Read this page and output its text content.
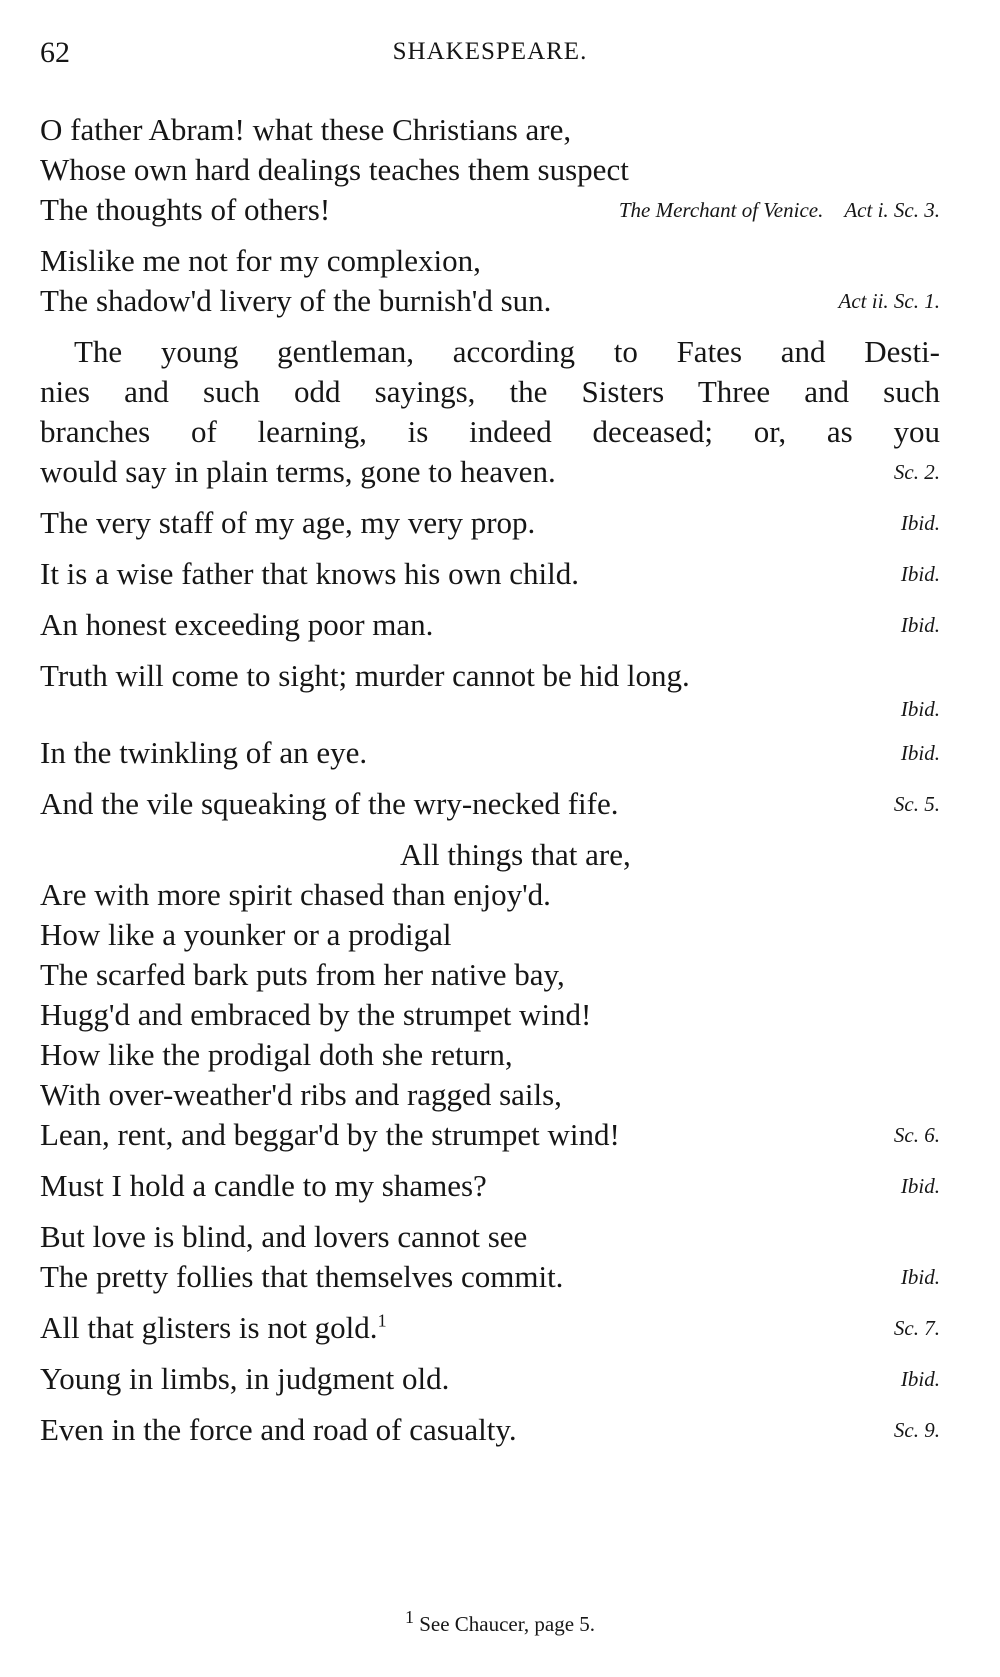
62	SHAKESPEARE.
O father Abram! what these Christians are,
Whose own hard dealings teaches them suspect
The thoughts of others!	The Merchant of Venice. Act i. Sc. 3.
Mislike me not for my complexion,
The shadow'd livery of the burnish'd sun.	Act ii. Sc. 1.
The young gentleman, according to Fates and Desti-
nies and such odd sayings, the Sisters Three and such
branches of learning, is indeed deceased; or, as you
would say in plain terms, gone to heaven.	Sc. 2.
The very staff of my age, my very prop.	Ibid.
It is a wise father that knows his own child.	Ibid.
An honest exceeding poor man.	Ibid.
Truth will come to sight; murder cannot be hid long.
Ibid.
In the twinkling of an eye.	Ibid.
And the vile squeaking of the wry-necked fife.	Sc. 5.
All things that are,
Are with more spirit chased than enjoy'd.
How like a younker or a prodigal
The scarfed bark puts from her native bay,
Hugg'd and embraced by the strumpet wind!
How like the prodigal doth she return,
With over-weather'd ribs and ragged sails,
Lean, rent, and beggar'd by the strumpet wind!	Sc. 6.
Must I hold a candle to my shames?	Ibid.
But love is blind, and lovers cannot see
The pretty follies that themselves commit.	Ibid.
All that glisters is not gold.$^1$	Sc. 7.
Young in limbs, in judgment old.	Ibid.
Even in the force and road of casualty.	Sc. 9.
$^1$ See Chaucer, page 5.
